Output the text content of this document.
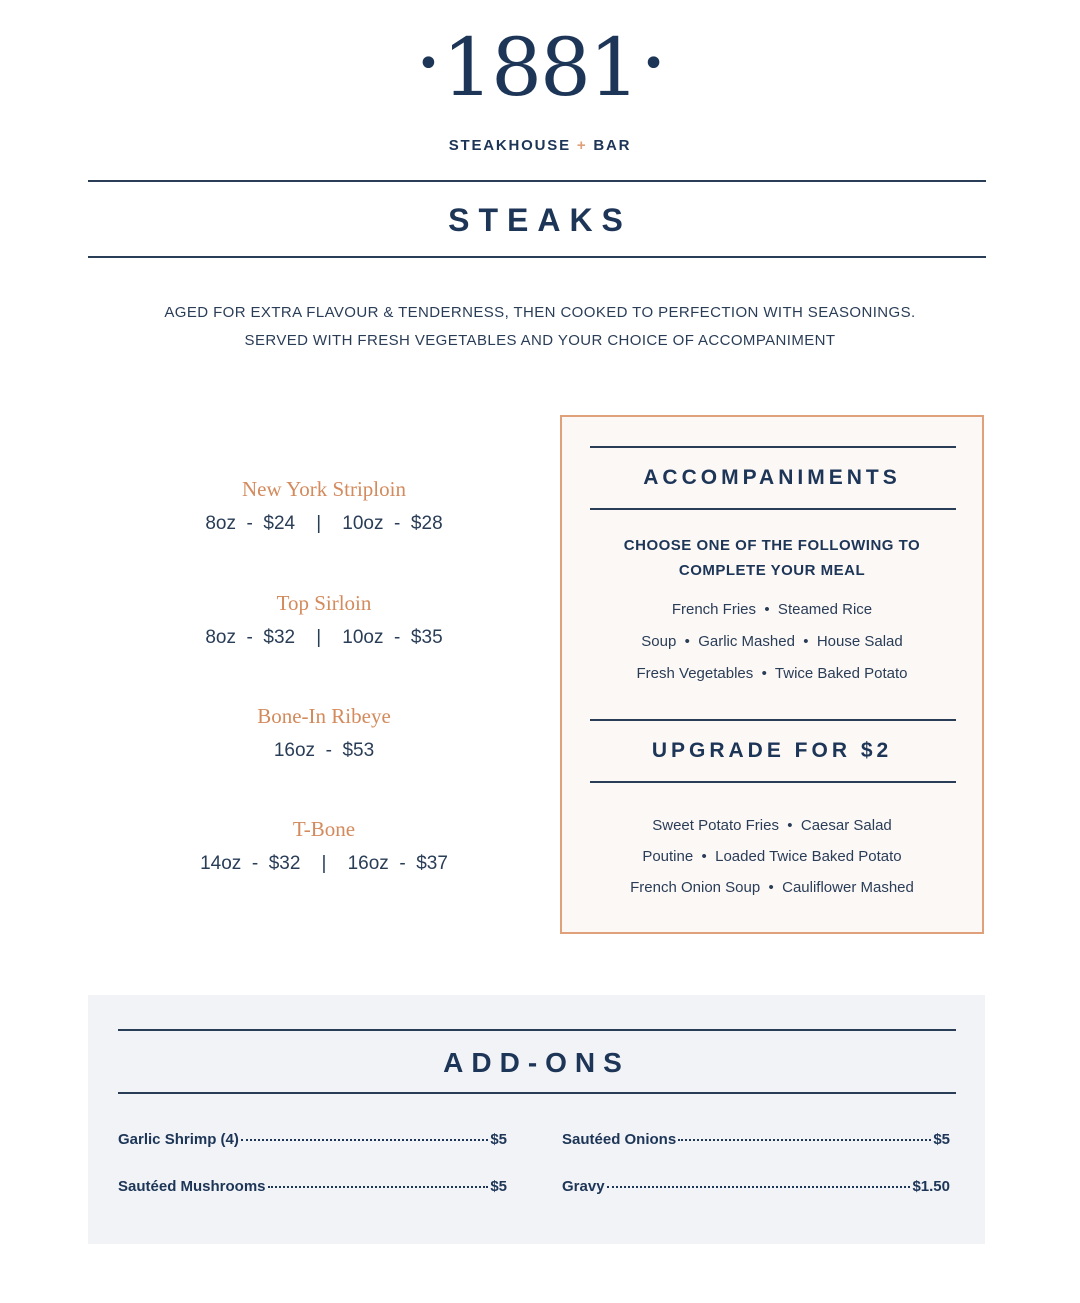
•1881 •
STEAKHOUSE + BAR
STEAKS
AGED FOR EXTRA FLAVOUR & TENDERNESS, THEN COOKED TO PERFECTION WITH SEASONINGS.
SERVED WITH FRESH VEGETABLES AND YOUR CHOICE OF ACCOMPANIMENT
New York Striploin
8oz  -  $24    |    10oz  -  $28
Top Sirloin
8oz  -  $32    |    10oz  -  $35
Bone-In Ribeye
16oz  -  $53
T-Bone
14oz  -  $32    |    16oz  -  $37
ACCOMPANIMENTS
CHOOSE ONE OF THE FOLLOWING TO
COMPLETE YOUR MEAL
French Fries  •  Steamed Rice
Soup  •  Garlic Mashed  •  House Salad
Fresh Vegetables  •  Twice Baked Potato
UPGRADE FOR $2
Sweet Potato Fries  •  Caesar Salad
Poutine  •  Loaded Twice Baked Potato
French Onion Soup  •  Cauliflower Mashed
ADD-ONS
Garlic Shrimp (4)	$5	Sautéed Onions	$5
Sautéed Mushrooms	$5	Gravy	$1.50
